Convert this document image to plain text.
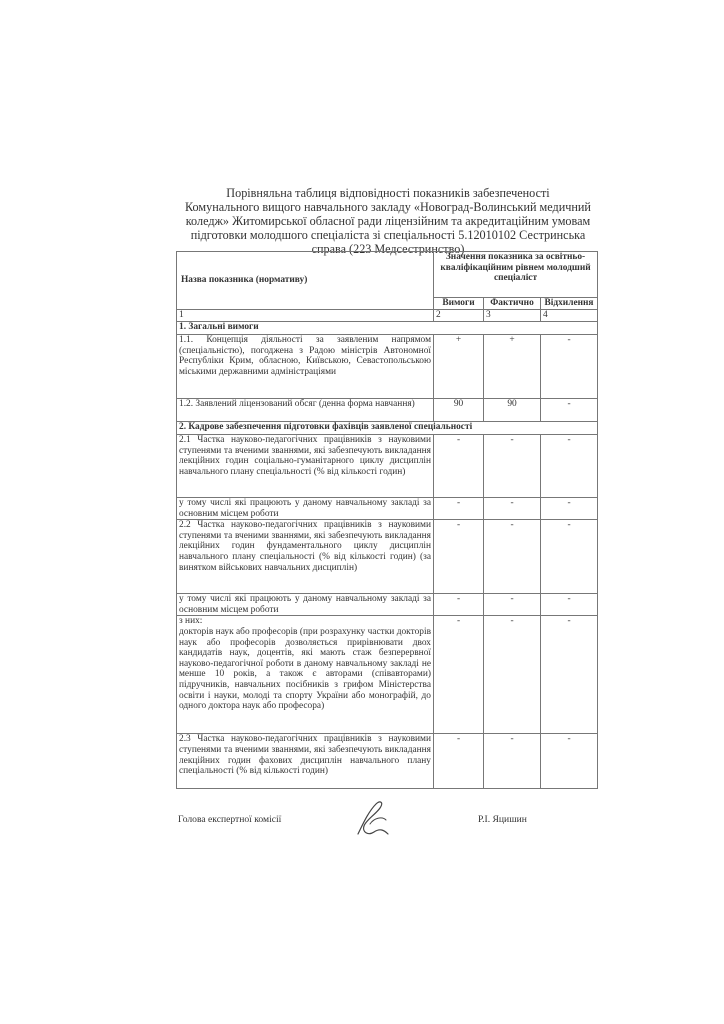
Порівняльна таблиця відповідності показників забезпеченості
Комунального вищого навчального закладу «Новоград-Волинський медичний
коледж» Житомирської обласної ради ліцензійним та акредитаційним умовам
підготовки молодшого спеціаліста зі спеціальності 5.12010102 Сестринська
справа (223 Медсестринство)
Назва показника (нормативу)	Значення показника за освітньо-кваліфікаційним рівнем молодший спеціаліст		
	Вимоги	Фактично	Відхилення
1	2	3	4
1. Загальні вимоги			
1.1. Концепція діяльності за заявленим напрямом (спеціальністю), погоджена з Радою міністрів Автономної Республіки Крим, обласною, Київською, Севастопольською міськими державними адміністраціями	+	+	-
1.2. Заявлений ліцензований обсяг (денна форма навчання)	90	90	-
2. Кадрове забезпечення підготовки фахівців заявленої спеціальності			
2.1 Частка науково-педагогічних працівників з науковими ступенями та вченими званнями, які забезпечують викладання лекційних годин соціально-гуманітарного циклу дисциплін навчального плану спеціальності (% від кількості годин)	-	-	-
у тому числі які працюють у даному навчальному закладі за основним місцем роботи	-	-	-
2.2 Частка науково-педагогічних працівників з науковими ступенями та вченими званнями, які забезпечують викладання лекційних годин фундаментального циклу дисциплін навчального плану спеціальності (% від кількості годин) (за винятком військових навчальних дисциплін)	-	-	-
у тому числі які працюють у даному навчальному закладі за основним місцем роботи	-	-	-

з них:
докторів наук або професорів (при розрахунку частки докторів наук або професорів дозволяється прирівнювати двох кандидатів наук, доцентів, які мають стаж безперервної науково-педагогічної роботи в даному навчальному закладі не менше 10 років, а також є авторами (співавторами) підручників, навчальних посібників з грифом Міністерства освіти і науки, молоді та спорту України або монографій, до одного доктора наук або професора)	-	-	-
2.3 Частка науково-педагогічних працівників з науковими ступенями та вченими званнями, які забезпечують викладання лекційних годин фахових дисциплін навчального плану спеціальності (% від кількості годин)	-	-	-
Голова експертної комісії	Р.І. Яцишин
